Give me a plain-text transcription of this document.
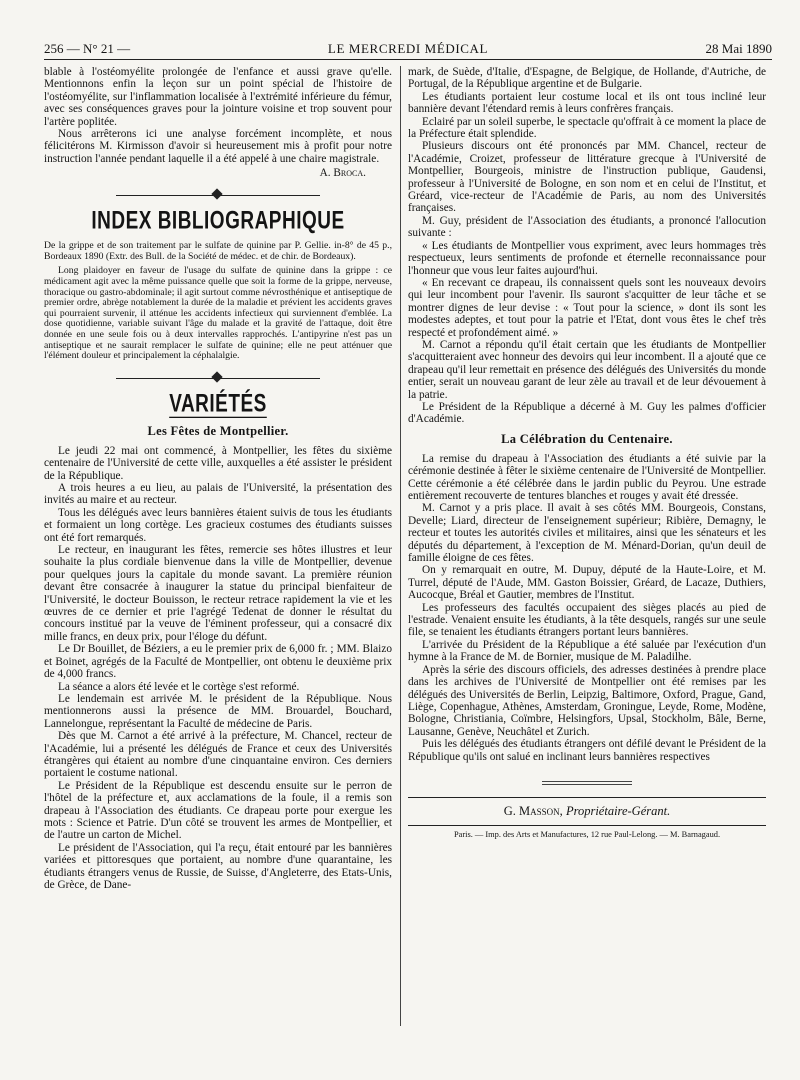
256 — N° 21 —	LE MERCREDI MÉDICAL	28 Mai 1890

blable à l'ostéomyélite prolongée de l'enfance et aussi grave qu'elle. Mentionnons enfin la leçon sur un point spécial de l'histoire de l'ostéomyélite, sur l'inflammation localisée à l'extrémité inférieure du fémur, avec ses conséquences graves pour la jointure voisine et trop souvent pour l'artère poplitée.

Nous arrêterons ici une analyse forcément incomplète, et nous félicitérons M. Kirmisson d'avoir si heureusement mis à profit pour notre instruction l'année pendant laquelle il a été appelé à une chaire magistrale.

A. Broca.
INDEX BIBLIOGRAPHIQUE

De la grippe et de son traitement par le sulfate de quinine par P. Gellie. in-8° de 45 p., Bordeaux 1890 (Extr. des Bull. de la Société de médec. et de chir. de Bordeaux).

Long plaidoyer en faveur de l'usage du sulfate de quinine dans la grippe : ce médicament agit avec la même puissance quelle que soit la forme de la grippe, nerveuse, thoracique ou gastro-abdominale; il agit surtout comme névrosthénique et antiseptique de premier ordre, abrège notablement la durée de la maladie et prévient les accidents graves qui pourraient survenir, il atténue les accidents infectieux qui surviennent d'emblée. La dose quotidienne, variable suivant l'âge du malade et la gravité de l'attaque, doit être donnée en une seule fois ou à deux intervalles rapprochés. L'antipyrine n'est pas un antiseptique et ne saurait remplacer le sulfate de quinine; elle ne peut atténuer que l'élément douleur et principalement la céphalalgie.

VARIÉTÉS
Les Fêtes de Montpellier.

Le jeudi 22 mai ont commencé, à Montpellier, les fêtes du sixième centenaire de l'Université de cette ville, auxquelles a été assister le président de la République.

A trois heures a eu lieu, au palais de l'Université, la présentation des invités au maire et au recteur.

Tous les délégués avec leurs bannières étaient suivis de tous les étudiants et formaient un long cortège. Les gracieux costumes des étudiants suisses ont été fort remarqués.

Le recteur, en inaugurant les fêtes, remercie ses hôtes illustres et leur souhaite la plus cordiale bienvenue dans la ville de Montpellier, devenue pour quelques jours la capitale du monde savant. La première réunion devant être consacrée à inaugurer la statue du principal bienfaiteur de l'Université, le docteur Bouisson, le recteur retrace rapidement la vie et les œuvres de ce dernier et prie l'agrégé Tedenat de donner le résultat du concours institué par la veuve de l'éminent professeur, qui a consacré dix mille francs, en deux prix, pour l'éloge du défunt.

Le Dr Bouillet, de Béziers, a eu le premier prix de 6,000 fr. ; MM. Blaizo et Boinet, agrégés de la Faculté de Montpellier, ont obtenu le deuxième prix de 4,000 francs.

La séance a alors été levée et le cortège s'est reformé.

Le lendemain est arrivée M. le président de la République. Nous mentionnerons aussi la présence de MM. Brouardel, Bouchard, Lannelongue, représentant la Faculté de médecine de Paris.

Dès que M. Carnot a été arrivé à la préfecture, M. Chancel, recteur de l'Académie, lui a présenté les délégués de France et ceux des Universités étrangères qui étaient au nombre d'une cinquantaine environ. Ces derniers portaient le costume national.

Le Président de la République est descendu ensuite sur le perron de l'hôtel de la préfecture et, aux acclamations de la foule, il a remis son drapeau à l'Association des étudiants. Ce drapeau porte pour exergue les mots : Science et Patrie. D'un côté se trouvent les armes de Montpellier, et de l'autre un carton de Michel.

Le président de l'Association, qui l'a reçu, était entouré par les bannières variées et pittoresques que portaient, au nombre d'une quarantaine, les étudiants étrangers venus de Russie, de Suisse, d'Angleterre, des Etats-Unis, de Grèce, de Dane-

mark, de Suède, d'Italie, d'Espagne, de Belgique, de Hollande, d'Autriche, de Portugal, de la République argentine et de Bulgarie.

Les étudiants portaient leur costume local et ils ont tous incliné leur bannière devant l'étendard remis à leurs confrères français.

Eclairé par un soleil superbe, le spectacle qu'offrait à ce moment la place de la Préfecture était splendide.

Plusieurs discours ont été prononcés par MM. Chancel, recteur de l'Académie, Croizet, professeur de littérature grecque à l'Université de Montpellier, Bourgeois, ministre de l'instruction publique, Gaudensi, professeur à l'Université de Bologne, en son nom et en celui de l'Institut, et Gréard, vice-recteur de l'Académie de Paris, au nom des Universités françaises.

M. Guy, président de l'Association des étudiants, a prononcé l'allocution suivante :

« Les étudiants de Montpellier vous expriment, avec leurs hommages très respectueux, leurs sentiments de profonde et éternelle reconnaissance pour l'honneur que vous leur faites aujourd'hui.

« En recevant ce drapeau, ils connaissent quels sont les nouveaux devoirs qui leur incombent pour l'avenir. Ils sauront s'acquitter de leur tâche et se montrer dignes de leur devise : « Tout pour la science, » dont ils sont les modestes adeptes, et tout pour la patrie et l'Etat, dont vous êtes le chef très respecté et profondément aimé. »

M. Carnot a répondu qu'il était certain que les étudiants de Montpellier s'acquitteraient avec honneur des devoirs qui leur incombent. Il a ajouté que ce drapeau qu'il leur remettait en présence des délégués des Universités du monde entier, serait un nouveau garant de leur zèle au travail et de leur dévouement à la patrie.

Le Président de la République a décerné à M. Guy les palmes d'officier d'Académie.

La Célébration du Centenaire.

La remise du drapeau à l'Association des étudiants a été suivie par la cérémonie destinée à fêter le sixième centenaire de l'Université de Montpellier. Cette cérémonie a été célébrée dans le jardin public du Peyrou. Une estrade entièrement recouverte de tentures blanches et rouges y avait été dressée.

M. Carnot y a pris place. Il avait à ses côtés MM. Bourgeois, Constans, Develle; Liard, directeur de l'enseignement supérieur; Ribière, Demagny, le recteur et toutes les autorités civiles et militaires, ainsi que les sénateurs et les députés du département, à l'exception de M. Ménard-Dorian, qu'un deuil de famille éloigne de ces fêtes.

On y remarquait en outre, M. Dupuy, député de la Haute-Loire, et M. Turrel, député de l'Aude, MM. Gaston Boissier, Gréard, de Lacaze, Duthiers, Aucocque, Bréal et Gautier, membres de l'Institut.

Les professeurs des facultés occupaient des sièges placés au pied de l'estrade. Venaient ensuite les étudiants, à la tête desquels, rangés sur une seule file, se tenaient les étudiants étrangers portant leurs bannières.

L'arrivée du Président de la République a été saluée par l'exécution d'un hymne à la France de M. de Bornier, musique de M. Paladilhe.

Après la série des discours officiels, des adresses destinées à prendre place dans les archives de l'Université de Montpellier ont été remises par les délégués des Universités de Berlin, Leipzig, Baltimore, Oxford, Prague, Gand, Liège, Copenhague, Athènes, Amsterdam, Groningue, Leyde, Rome, Modène, Bologne, Christiania, Coïmbre, Helsingfors, Upsal, Stockholm, Bâle, Berne, Lausanne, Genève, Neuchâtel et Zurich.

Puis les délégués des étudiants étrangers ont défilé devant le Président de la République qu'ils ont salué en inclinant leurs bannières respectives

G. Masson, Propriétaire-Gérant.
Paris. — Imp. des Arts et Manufactures, 12 rue Paul-Lelong. — M. Barnagaud.
